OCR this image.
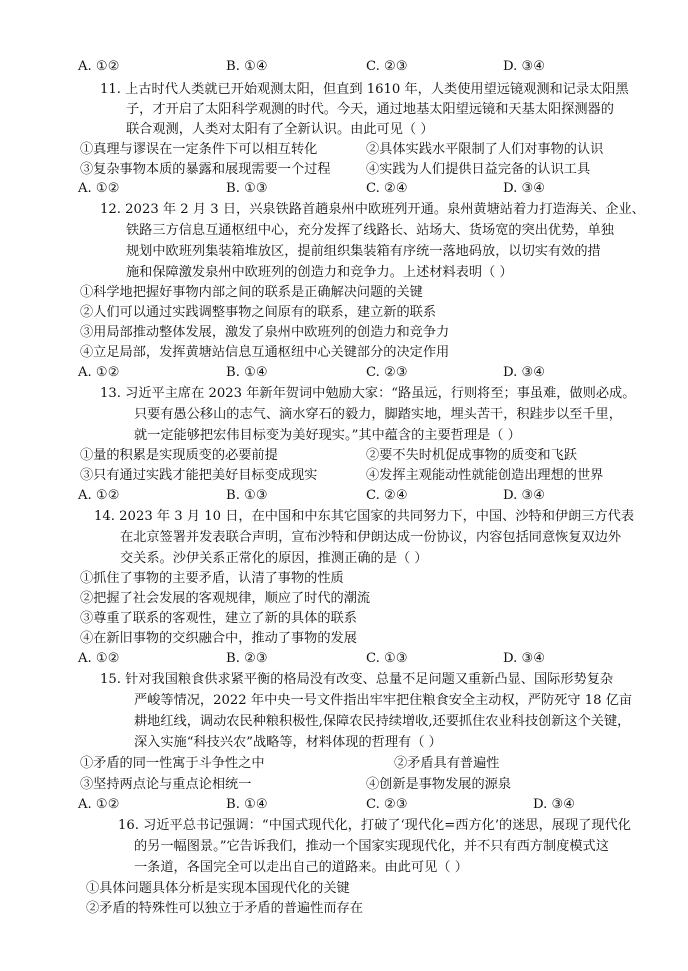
A. ①②	B. ①④	C. ②③	D. ③④
11. 上古时代人类就已开始观测太阳，但直到 1610 年，人类使用望远镜观测和记录太阳黑
子，才开启了太阳科学观测的时代。今天，通过地基太阳望远镜和天基太阳探测器的
联合观测，人类对太阳有了全新认识。由此可见（ ）
①真理与谬误在一定条件下可以相互转化	②具体实践水平限制了人们对事物的认识
③复杂事物本质的暴露和展现需要一个过程	④实践为人们提供日益完备的认识工具
A. ①②	B. ①③	C. ②④	D. ③④
12. 2023 年 2 月 3 日，兴泉铁路首趟泉州中欧班列开通。泉州黄塘站着力打造海关、企业、
铁路三方信息互通枢纽中心，充分发挥了线路长、站场大、货场宽的突出优势，单独
规划中欧班列集装箱堆放区，提前组织集装箱有序统一落地码放，以切实有效的措
施和保障激发泉州中欧班列的创造力和竞争力。上述材料表明（ ）
①科学地把握好事物内部之间的联系是正确解决问题的关键
②人们可以通过实践调整事物之间原有的联系，建立新的联系
③用局部推动整体发展，激发了泉州中欧班列的创造力和竞争力
④立足局部，发挥黄塘站信息互通枢纽中心关键部分的决定作用
A. ①②	B. ①④	C. ②③	D. ③④
13. 习近平主席在 2023 年新年贺词中勉励大家：“路虽远，行则将至；事虽难，做则必成。
只要有愚公移山的志气、滴水穿石的毅力，脚踏实地，埋头苦干，积跬步以至千里，
就一定能够把宏伟目标变为美好现实。”其中蕴含的主要哲理是（ ）
①量的积累是实现质变的必要前提	②要不失时机促成事物的质变和飞跃
③只有通过实践才能把美好目标变成现实	④发挥主观能动性就能创造出理想的世界
A. ①②	B. ①③	C. ②④	D. ③④
14. 2023 年 3 月 10 日，在中国和中东其它国家的共同努力下，中国、沙特和伊朗三方代表
在北京签署并发表联合声明，宣布沙特和伊朗达成一份协议，内容包括同意恢复双边外
交关系。沙伊关系正常化的原因，推测正确的是（ ）
①抓住了事物的主要矛盾，认清了事物的性质
②把握了社会发展的客观规律，顺应了时代的潮流
③尊重了联系的客观性，建立了新的具体的联系
④在新旧事物的交织融合中，推动了事物的发展
A. ①②	B. ②③	C. ①③	D. ③④
15. 针对我国粮食供求紧平衡的格局没有改变、总量不足问题又重新凸显、国际形势复杂
严峻等情况，2022 年中央一号文件指出牢牢把住粮食安全主动权，严防死守 18 亿亩
耕地红线，调动农民种粮积极性,保障农民持续增收,还要抓住农业科技创新这个关键，
深入实施“科技兴农”战略等，材料体现的哲理有（ ）
①矛盾的同一性寓于斗争性之中	②矛盾具有普遍性
③坚持两点论与重点论相统一	④创新是事物发展的源泉
A. ①②	B. ①④	C. ②③	D. ③④
16. 习近平总书记强调：“中国式现代化，打破了‘现代化=西方化’的迷思，展现了现代化
的另一幅图景。”它告诉我们，推动一个国家实现现代化，并不只有西方制度模式这
一条道，各国完全可以走出自己的道路来。由此可见（ ）
①具体问题具体分析是实现本国现代化的关键
②矛盾的特殊性可以独立于矛盾的普遍性而存在
